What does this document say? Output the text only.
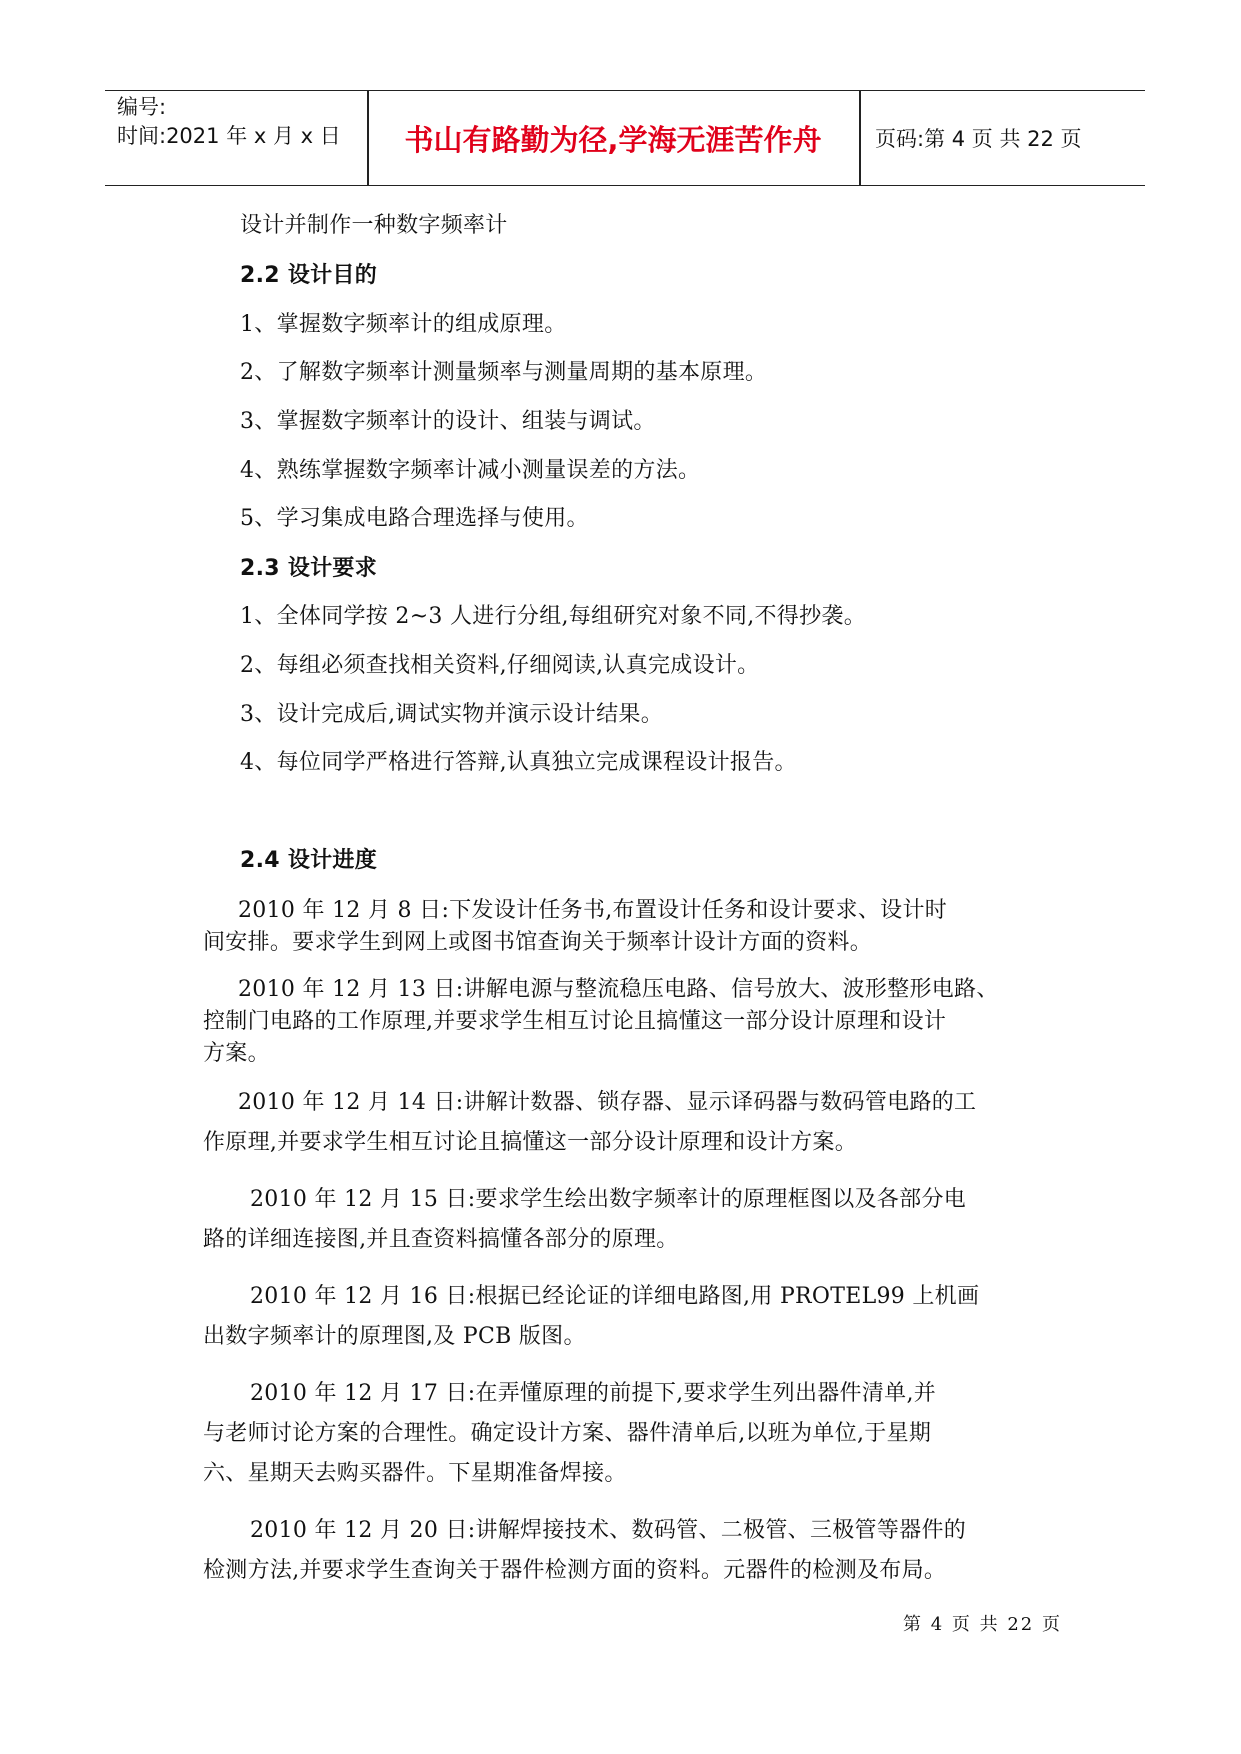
编号:
时间:2021 年 x 月 x 日	书山有路勤为径,学海无涯苦作舟	页码:第 4 页 共 22 页
设计并制作一种数字频率计
2.2 设计目的
1、掌握数字频率计的组成原理。
2、了解数字频率计测量频率与测量周期的基本原理。
3、掌握数字频率计的设计、组装与调试。
4、熟练掌握数字频率计减小测量误差的方法。
5、学习集成电路合理选择与使用。
2.3 设计要求
1、全体同学按 2~3 人进行分组,每组研究对象不同,不得抄袭。
2、每组必须查找相关资料,仔细阅读,认真完成设计。
3、设计完成后,调试实物并演示设计结果。
4、每位同学严格进行答辩,认真独立完成课程设计报告。
2.4 设计进度
2010 年 12 月 8 日:下发设计任务书,布置设计任务和设计要求、设计时
间安排。要求学生到网上或图书馆查询关于频率计设计方面的资料。
2010 年 12 月 13 日:讲解电源与整流稳压电路、信号放大、波形整形电路、
控制门电路的工作原理,并要求学生相互讨论且搞懂这一部分设计原理和设计
方案。
2010 年 12 月 14 日:讲解计数器、锁存器、显示译码器与数码管电路的工
作原理,并要求学生相互讨论且搞懂这一部分设计原理和设计方案。
2010 年 12 月 15 日:要求学生绘出数字频率计的原理框图以及各部分电
路的详细连接图,并且查资料搞懂各部分的原理。
2010 年 12 月 16 日:根据已经论证的详细电路图,用 PROTEL99 上机画
出数字频率计的原理图,及 PCB 版图。
2010 年 12 月 17 日:在弄懂原理的前提下,要求学生列出器件清单,并
与老师讨论方案的合理性。确定设计方案、器件清单后,以班为单位,于星期
六、星期天去购买器件。下星期准备焊接。
2010 年 12 月 20 日:讲解焊接技术、数码管、二极管、三极管等器件的
检测方法,并要求学生查询关于器件检测方面的资料。元器件的检测及布局。
第 4 页 共 22 页
